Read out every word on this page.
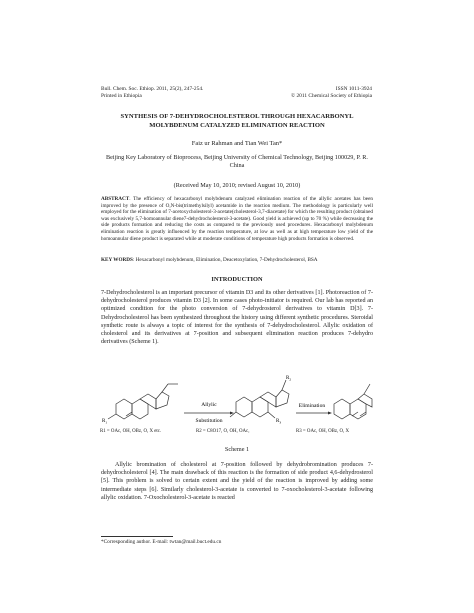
Bull. Chem. Soc. Ethiop. 2011, 25(2), 247-254.
Printed in Ethiopia
ISSN 1011-3924
© 2011 Chemical Society of Ethiopia
SYNTHESIS OF 7-DEHYDROCHOLESTEROL THROUGH HEXACARBONYL MOLYBDENUM CATALYZED ELIMINATION REACTION
Faiz ur Rahman and Tian Wei Tan*
Beijing Key Laboratory of Bioprocess, Beijing University of Chemical Technology, Beijing 100029, P. R. China
(Received May 10, 2010; revised August 10, 2010)
ABSTRACT. The efficiency of hexacarbonyl molybdenum catalyzed elimination reaction of the allylic acetates has been improved by the presence of O,N-bis(trimethylsilyl) acetamide in the reaction medium. The methodology is particularly well employed for the elimination of 7-acetoxycholesterol-3-acetate(cholesterol-3,7-diacetate) for which the resulting product (obtained was exclusively 5,7-homoannular diene7-dehydrocholesterol-3-acetate). Good yield is achieved (up to 70 %) while decreasing the side products formation and reducing the costs as compared to the previously used procedures. Hexacarbonyl molybdenum elimination reaction is greatly influenced by the reaction temperature, at low as well as at high temperature low yield of the homoannular diene product is separated while at moderate conditions of temperature high products formation is observed.
KEY WORDS: Hexacarbonyl molybdenum, Elimination, Deacetoxylation, 7-Dehydrocholesterol, BSA
INTRODUCTION
7-Dehydrocholesterol is an important precursor of vitamin D3 and its other derivatives [1]. Photoreaction of 7-dehydrocholesterol produces vitamin D3 [2]. In some cases photo-initiator is required. Our lab has reported an optimized condition for the photo conversion of 7-dehydrosterol derivatives to vitamin D[3]. 7-Dehydrocholesterol has been synthesized throughout the history using different synthetic procedures. Steroidal synthetic route is always a topic of interest for the synthesis of 7-dehydrocholesterol. Allylic oxidation of cholesterol and its derivatives at 7-position and subsequent elimination reaction produces 7-dehydro derivatives (Scheme 1).
$R_1$
Allylic
Substitution
$R_2$
$R_3$
Elimination
R1 = OAc, OH, OBz, O, X etc.	R2 = C8O17, O, OH, OAc,	R3 = OAc, OH, OBz, O, X
Scheme 1
Allylic bromination of cholesterol at 7-position followed by dehydrobromination produces 7-dehydrocholesterol [4]. The main drawback of this reaction is the formation of side product 4,6-dehydrosterol [5]. This problem is solved to certain extent and the yield of the reaction is improved by adding some intermediate steps [6]. Similarly cholesterol-3-acetate is converted to 7-oxocholesterol-3-acetate following allylic oxidation. 7-Oxocholesterol-3-acetate is reacted
*Corresponding author. E-mail: twtan@mail.buct.edu.cn
